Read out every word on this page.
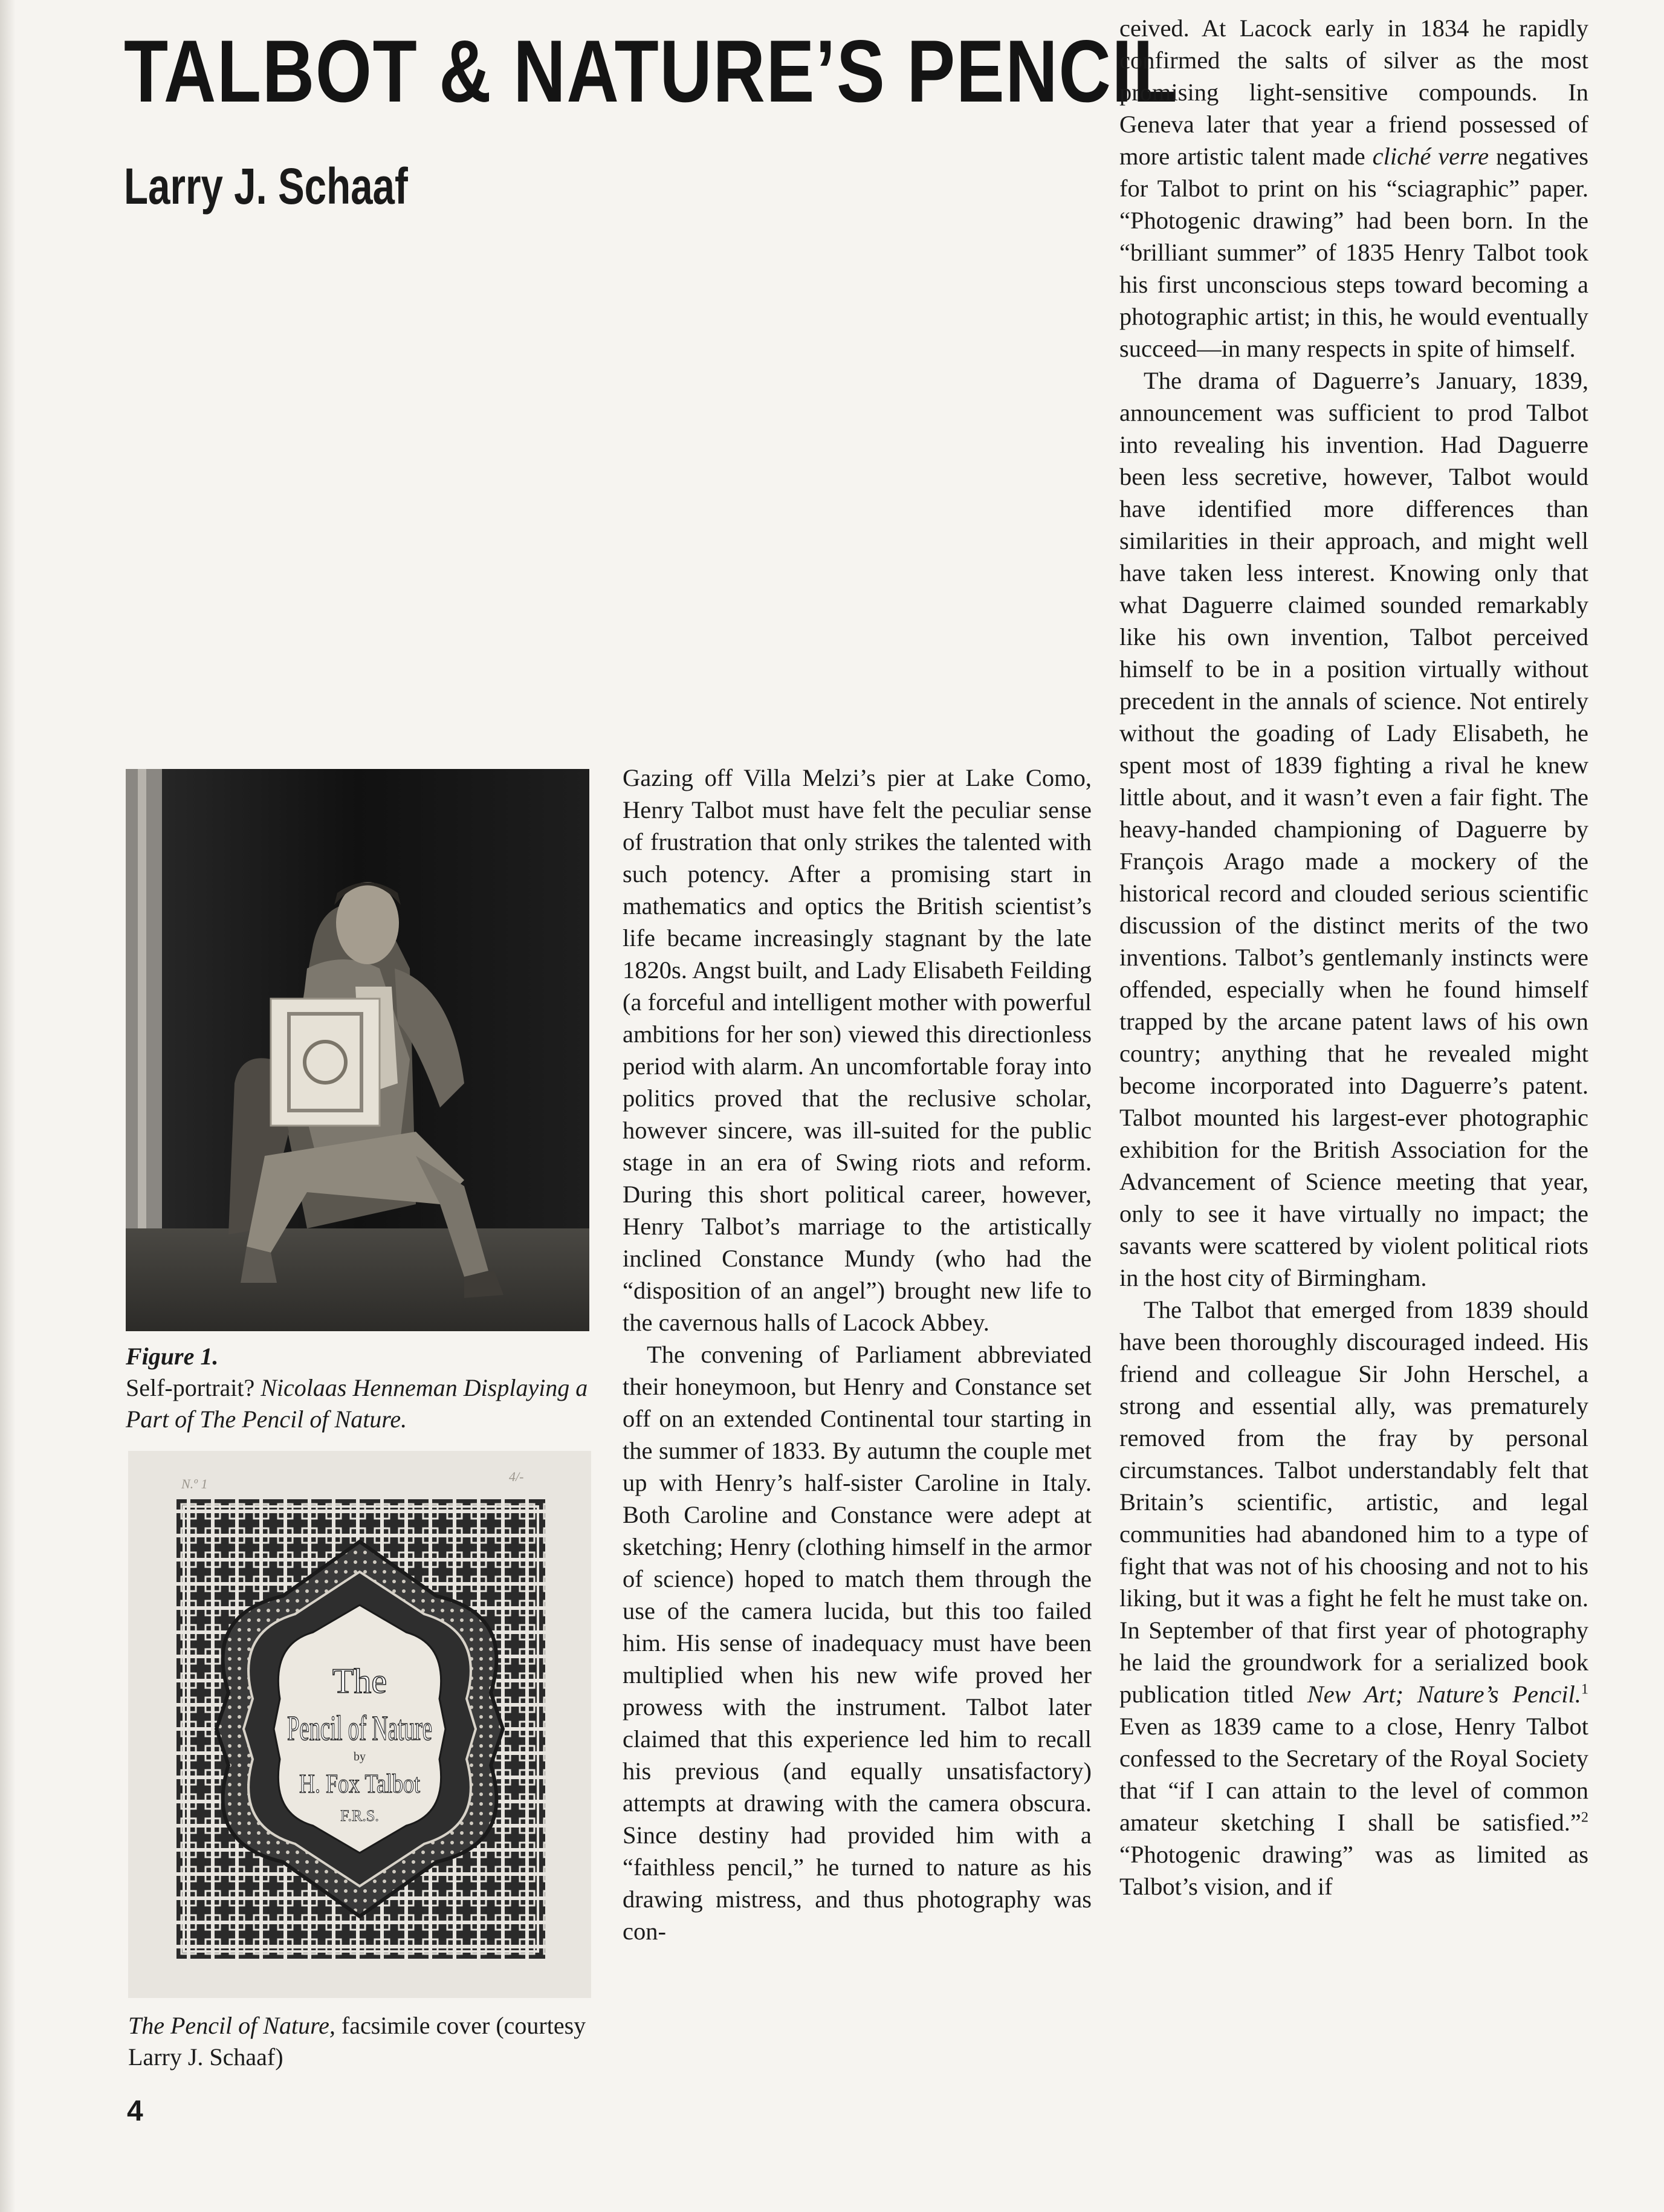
TALBOT & NATURE’S PENCIL
Larry J. Schaaf
Figure 1.
Self-portrait? Nicolaas Henneman Displaying a Part of The Pencil of Nature.
N.º 1	4/-
The
Pencil of Nature
by
H. Fox Talbot
F.R.S.
The Pencil of Nature, facsimile cover (courtesy Larry J. Schaaf)
4

Gazing off Villa Melzi’s pier at Lake Como, Henry Talbot must have felt the peculiar sense of frustration that only strikes the talented with such potency. After a promising start in mathematics and optics the British scientist’s life became increasingly stagnant by the late 1820s. Angst built, and Lady Elisabeth Feilding (a forceful and intelligent mother with powerful ambitions for her son) viewed this directionless period with alarm. An uncomfortable foray into politics proved that the reclusive scholar, however sincere, was ill-suited for the public stage in an era of Swing riots and reform. During this short political career, however, Henry Talbot’s marriage to the artistically inclined Constance Mundy (who had the “disposition of an angel”) brought new life to the cavernous halls of Lacock Abbey.

The convening of Parliament abbreviated their honeymoon, but Henry and Constance set off on an extended Continental tour starting in the summer of 1833. By autumn the couple met up with Henry’s half-sister Caroline in Italy. Both Caroline and Constance were adept at sketching; Henry (clothing himself in the armor of science) hoped to match them through the use of the camera lucida, but this too failed him. His sense of inadequacy must have been multiplied when his new wife proved her prowess with the instrument. Talbot later claimed that this experience led him to recall his previous (and equally unsatisfactory) attempts at drawing with the camera obscura. Since destiny had provided him with a “faithless pencil,” he turned to nature as his drawing mistress, and thus photography was con-

ceived. At Lacock early in 1834 he rapidly confirmed the salts of silver as the most promising light-sensitive compounds. In Geneva later that year a friend possessed of more artistic talent made cliché verre negatives for Talbot to print on his “sciagraphic” paper. “Photogenic drawing” had been born. In the “brilliant summer” of 1835 Henry Talbot took his first unconscious steps toward becoming a photographic artist; in this, he would eventually succeed—in many respects in spite of himself.

The drama of Daguerre’s January, 1839, announcement was sufficient to prod Talbot into revealing his invention. Had Daguerre been less secretive, however, Talbot would have identified more differences than similarities in their approach, and might well have taken less interest. Knowing only that what Daguerre claimed sounded remarkably like his own invention, Talbot perceived himself to be in a position virtually without precedent in the annals of science. Not entirely without the goading of Lady Elisabeth, he spent most of 1839 fighting a rival he knew little about, and it wasn’t even a fair fight. The heavy-handed championing of Daguerre by François Arago made a mockery of the historical record and clouded serious scientific discussion of the distinct merits of the two inventions. Talbot’s gentlemanly instincts were offended, especially when he found himself trapped by the arcane patent laws of his own country; anything that he revealed might become incorporated into Daguerre’s patent. Talbot mounted his largest-ever photographic exhibition for the British Association for the Advancement of Science meeting that year, only to see it have virtually no impact; the savants were scattered by violent political riots in the host city of Birmingham.

The Talbot that emerged from 1839 should have been thoroughly discouraged indeed. His friend and colleague Sir John Herschel, a strong and essential ally, was prematurely removed from the fray by personal circumstances. Talbot understandably felt that Britain’s scientific, artistic, and legal communities had abandoned him to a type of fight that was not of his choosing and not to his liking, but it was a fight he felt he must take on. In September of that first year of photography he laid the groundwork for a serialized book publication titled New Art; Nature’s Pencil.$^1$ Even as 1839 came to a close, Henry Talbot confessed to the Secretary of the Royal Society that “if I can attain to the level of common amateur sketching I shall be satisfied.”$^2$ “Photogenic drawing” was as limited as Talbot’s vision, and if
